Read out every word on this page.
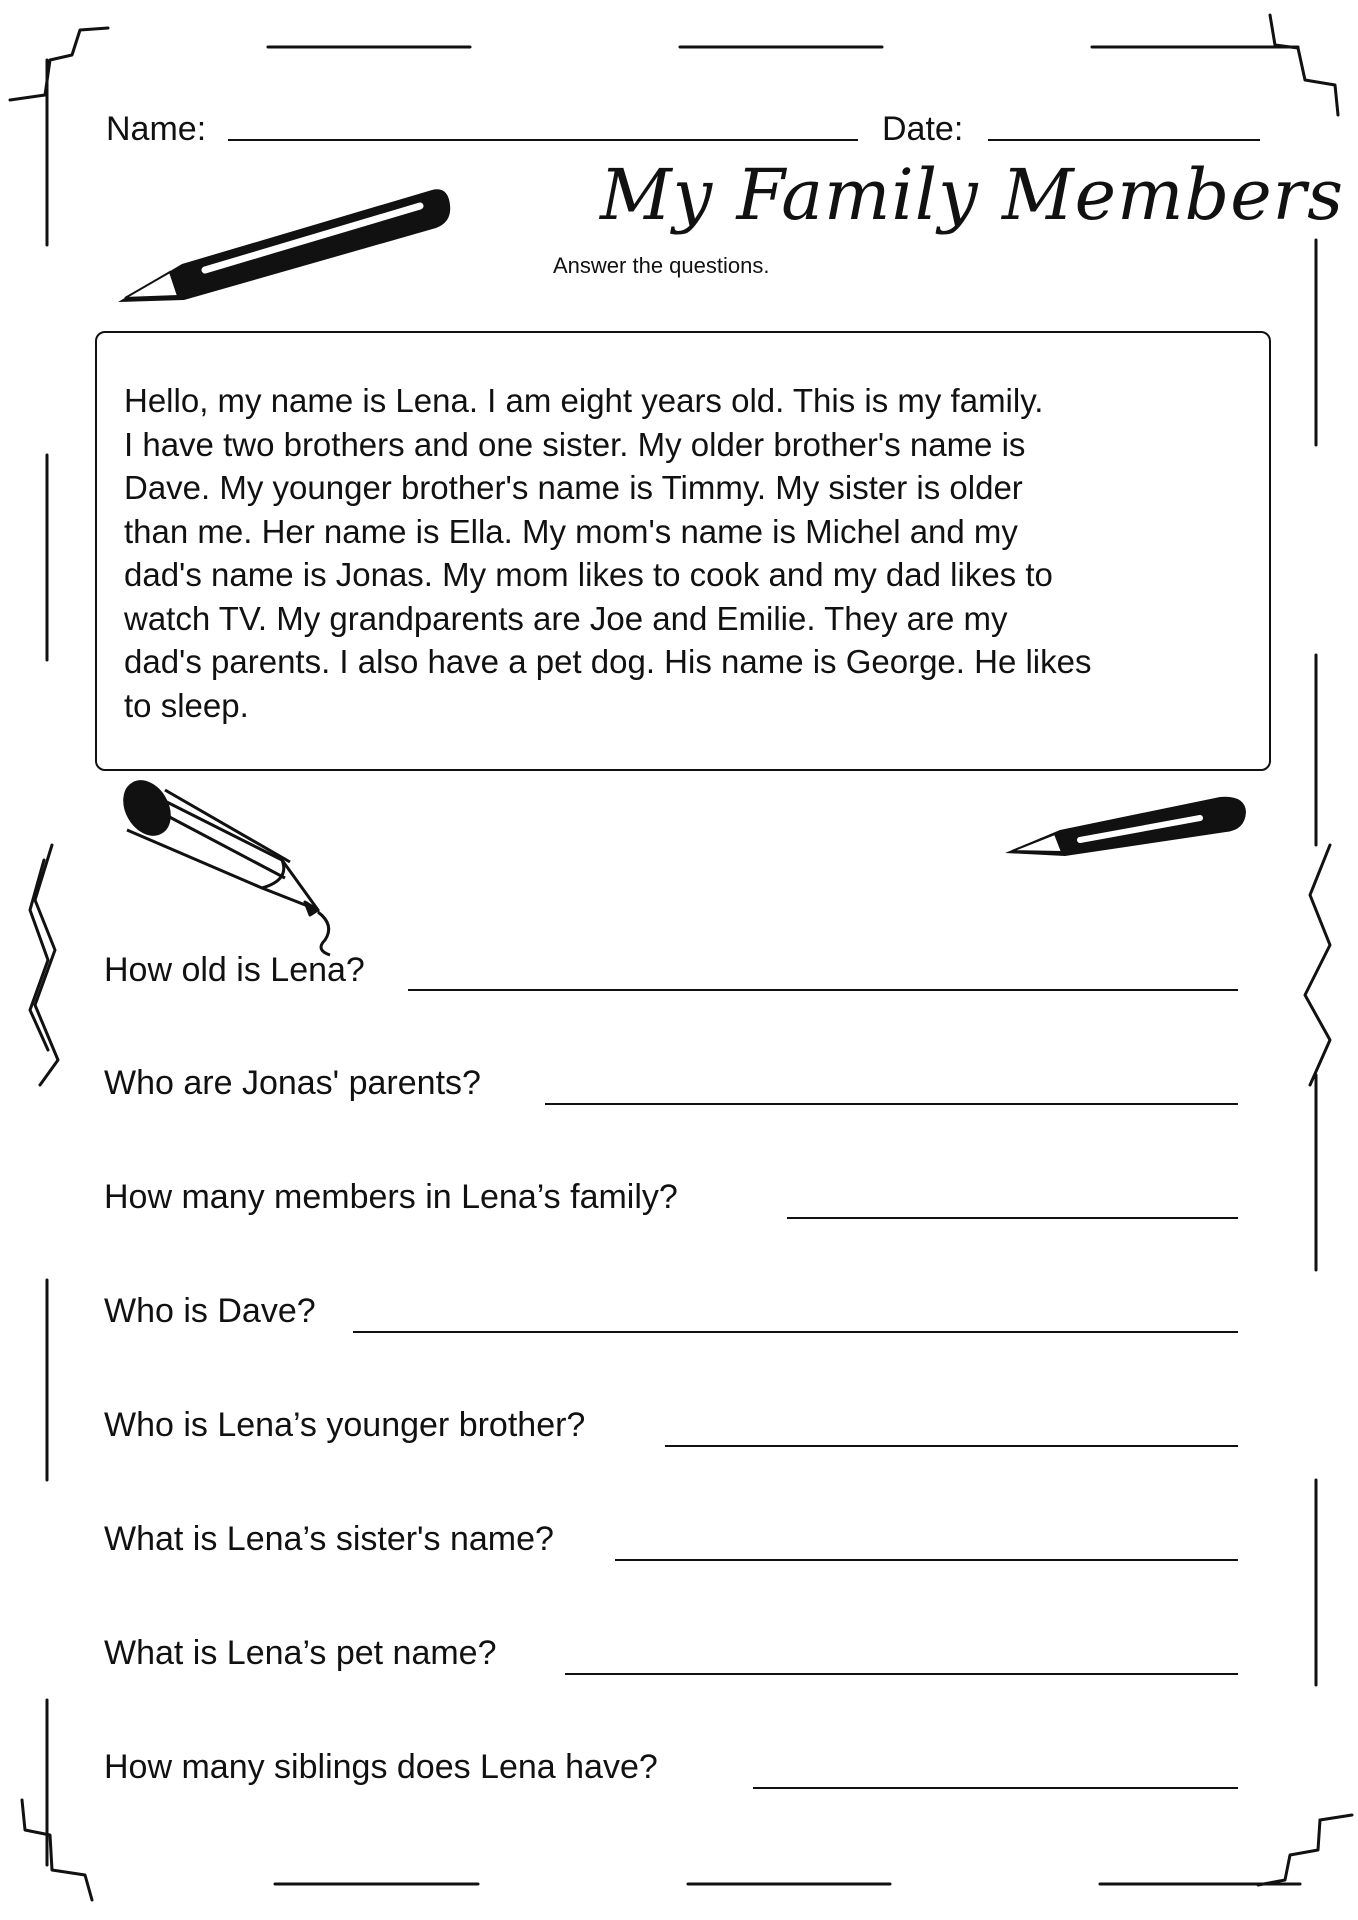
Name:	Date:
My Family Members
Answer the questions.
Hello, my name is Lena. I am eight years old. This is my family.
I have two brothers and one sister. My older brother's name is
Dave. My younger brother's name is Timmy. My sister is older
than me. Her name is Ella. My mom's name is Michel and my
dad's name is Jonas. My mom likes to cook and my dad likes to
watch TV. My grandparents are Joe and Emilie. They are my
dad's parents. I also have a pet dog. His name is George. He likes
to sleep.
How old is Lena?
Who are Jonas' parents?
How many members in Lena’s family?
Who is Dave?
Who is Lena’s younger brother?
What is Lena’s sister's name?
What is Lena’s pet name?
How many siblings does Lena have?
